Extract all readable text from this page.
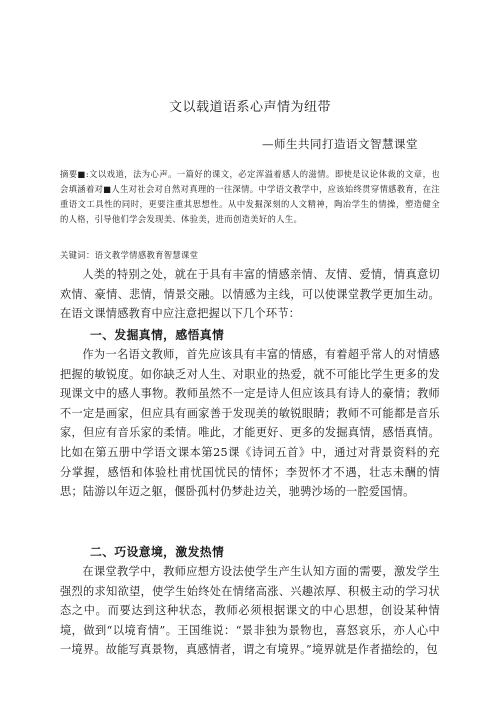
文以载道语系心声情为纽带
—师生共同打造语文智慧课堂
摘要■:文以戏道，法为心声。一篇好的课文，必定浑溢着感人的滋情。即使是议论体裁的文章，也会填涵着对■人生对社会对自然对真理的一往深情。中学语文教学中，应该始终贯穿情感教育，在注重语文工具性的同时，更要注重其思想性。从中发掘深刻的人文精神，陶冶学生的情操，塑造健全的人格，引导他们学会发现美、体验美，进而创造美好的人生。
关键词：语文教学情感教育智慧课堂

人类的特别之处，就在于具有丰富的情感亲情、友情、爱情，情真意切欢情、豪情、悲情，情景交融。以情感为主线，可以使课堂教学更加生动。在语文课情感教育中应注意把握以下几个环节：

一、发掘真情，感悟真情

作为一名语文教师，首先应该具有丰富的情感，有着超乎常人的对情感把握的敏锐度。如你缺乏对人生、对职业的热爱，就不可能比学生更多的发现课文中的感人事物。教师虽然不一定是诗人但应该具有诗人的豪情；教师不一定是画家，但应具有画家善于发现美的敏锐眼睛；教师不可能都是音乐家，但应有音乐家的柔情。唯此，才能更好、更多的发掘真情，感悟真情。比如在第五册中学语文课本第25课《诗词五首》中，通过对背景资料的充分掌握，感悟和体验杜甫忧国忧民的情怀；李贺怀才不遇，壮志未酬的情思；陆游以年迈之躯，偃卧孤村仍梦赴边关，驰骋沙场的一腔爱国情。

二、巧设意境，激发热情

在课堂教学中，教师应想方设法使学生产生认知方面的需要，激发学生强烈的求知欲望，使学生始终处在情绪高涨、兴趣浓厚、积极主动的学习状态之中。而要达到这种状态，教师必须根据课文的中心思想，创设某种情境，做到“以境育情”。王国维说：“景非独为景物也，喜怒哀乐，亦人心中一境界。故能写真景物，真感情者，谓之有境界。”境界就是作者描绘的，包
